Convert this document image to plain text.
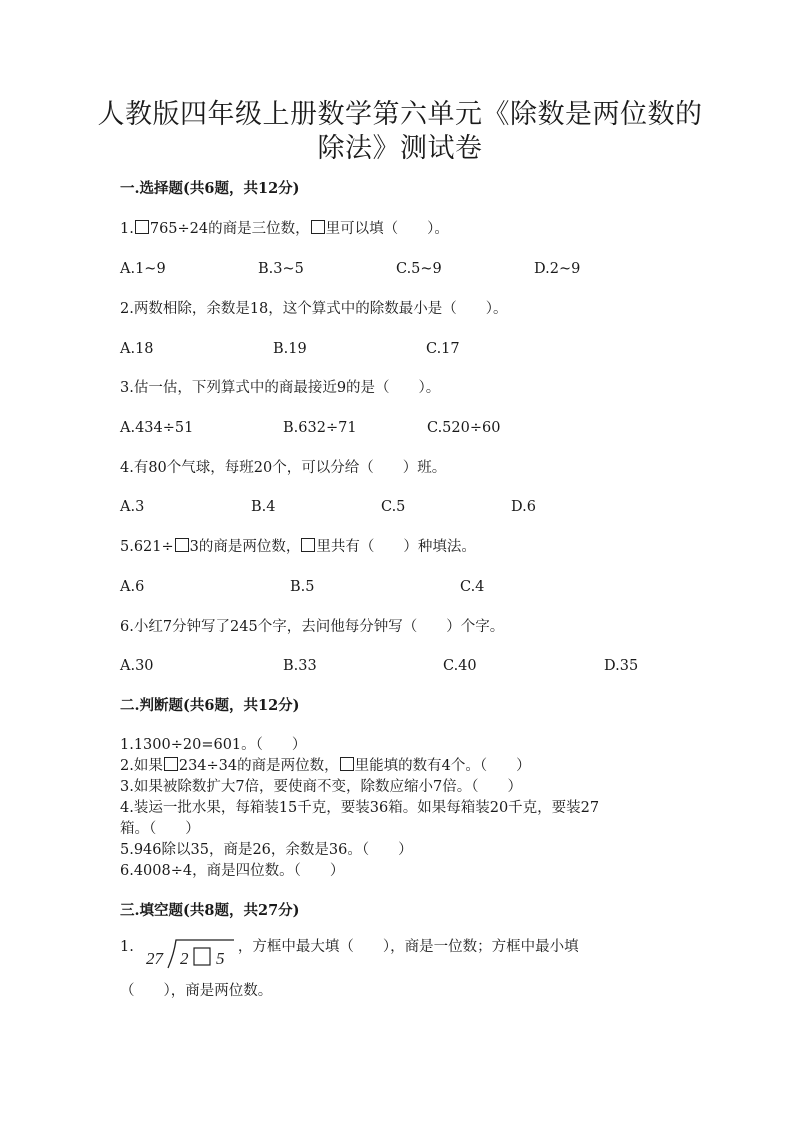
人教版四年级上册数学第六单元《除数是两位数的
除法》测试卷
一.选择题(共6题，共12分)
1. 765÷24的商是三位数， 里可以填（　　）。
A.1~9	B.3~5	C.5~9	D.2~9
2.两数相除，余数是18，这个算式中的除数最小是（　　）。
A.18	B.19	C.17
3.估一估，下列算式中的商最接近9的是（　　）。
A.434÷51	B.632÷71	C.520÷60
4.有80个气球，每班20个，可以分给（　　）班。
A.3	B.4	C.5	D.6
5.621÷ 3的商是两位数， 里共有（　　）种填法。
A.6	B.5	C.4
6.小红7分钟写了245个字，去问他每分钟写（　　）个字。
A.30	B.33	C.40	D.35
二.判断题(共6题，共12分)
1.1300÷20=601。（　　）
2.如果 234÷34的商是两位数， 里能填的数有4个。（　　）
3.如果被除数扩大7倍，要使商不变，除数应缩小7倍。（　　）
4.装运一批水果，每箱装15千克，要装36箱。如果每箱装20千克，要装27
箱。（　　）
5.946除以35，商是26，余数是36。（　　）
6.4008÷4，商是四位数。（　　）
三.填空题(共8题，共27分)
1.
27 2 5
，方框中最大填（　　），商是一位数；方框中最小填
（　　），商是两位数。
